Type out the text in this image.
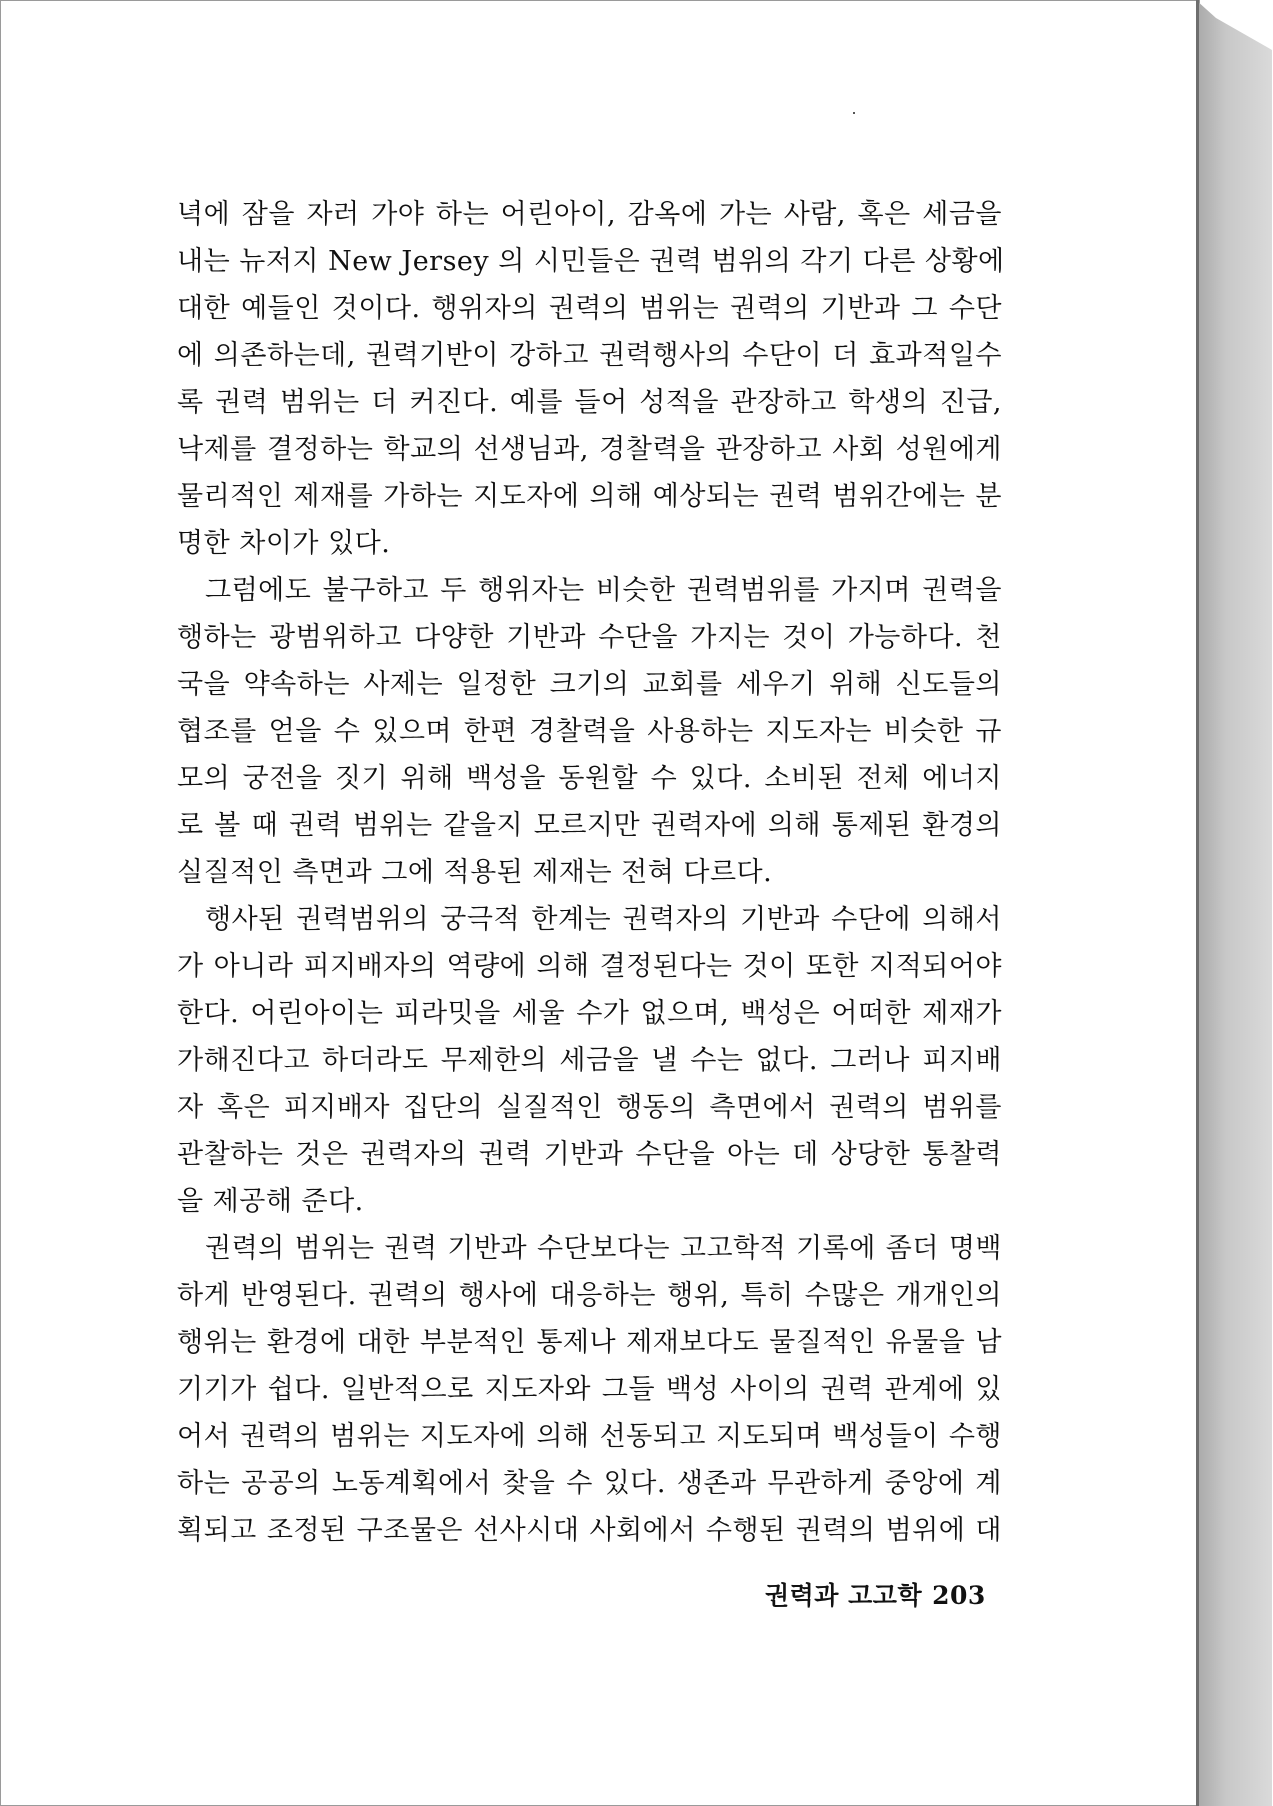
녁에 잠을 자러 가야 하는 어린아이, 감옥에 가는 사람, 혹은 세금을
내는 뉴저지 New Jersey 의 시민들은 권력 범위의 각기 다른 상황에
대한 예들인 것이다. 행위자의 권력의 범위는 권력의 기반과 그 수단
에 의존하는데, 권력기반이 강하고 권력행사의 수단이 더 효과적일수
록 권력 범위는 더 커진다. 예를 들어 성적을 관장하고 학생의 진급,
낙제를 결정하는 학교의 선생님과, 경찰력을 관장하고 사회 성원에게
물리적인 제재를 가하는 지도자에 의해 예상되는 권력 범위간에는 분
명한 차이가 있다.
그럼에도 불구하고 두 행위자는 비슷한 권력범위를 가지며 권력을
행하는 광범위하고 다양한 기반과 수단을 가지는 것이 가능하다. 천
국을 약속하는 사제는 일정한 크기의 교회를 세우기 위해 신도들의
협조를 얻을 수 있으며 한편 경찰력을 사용하는 지도자는 비슷한 규
모의 궁전을 짓기 위해 백성을 동원할 수 있다. 소비된 전체 에너지
로 볼 때 권력 범위는 같을지 모르지만 권력자에 의해 통제된 환경의
실질적인 측면과 그에 적용된 제재는 전혀 다르다.
행사된 권력범위의 궁극적 한계는 권력자의 기반과 수단에 의해서
가 아니라 피지배자의 역량에 의해 결정된다는 것이 또한 지적되어야
한다. 어린아이는 피라밋을 세울 수가 없으며, 백성은 어떠한 제재가
가해진다고 하더라도 무제한의 세금을 낼 수는 없다. 그러나 피지배
자 혹은 피지배자 집단의 실질적인 행동의 측면에서 권력의 범위를
관찰하는 것은 권력자의 권력 기반과 수단을 아는 데 상당한 통찰력
을 제공해 준다.
권력의 범위는 권력 기반과 수단보다는 고고학적 기록에 좀더 명백
하게 반영된다. 권력의 행사에 대응하는 행위, 특히 수많은 개개인의
행위는 환경에 대한 부분적인 통제나 제재보다도 물질적인 유물을 남
기기가 쉽다. 일반적으로 지도자와 그들 백성 사이의 권력 관계에 있
어서 권력의 범위는 지도자에 의해 선동되고 지도되며 백성들이 수행
하는 공공의 노동계획에서 찾을 수 있다. 생존과 무관하게 중앙에 계
획되고 조정된 구조물은 선사시대 사회에서 수행된 권력의 범위에 대
권력과 고고학 203
